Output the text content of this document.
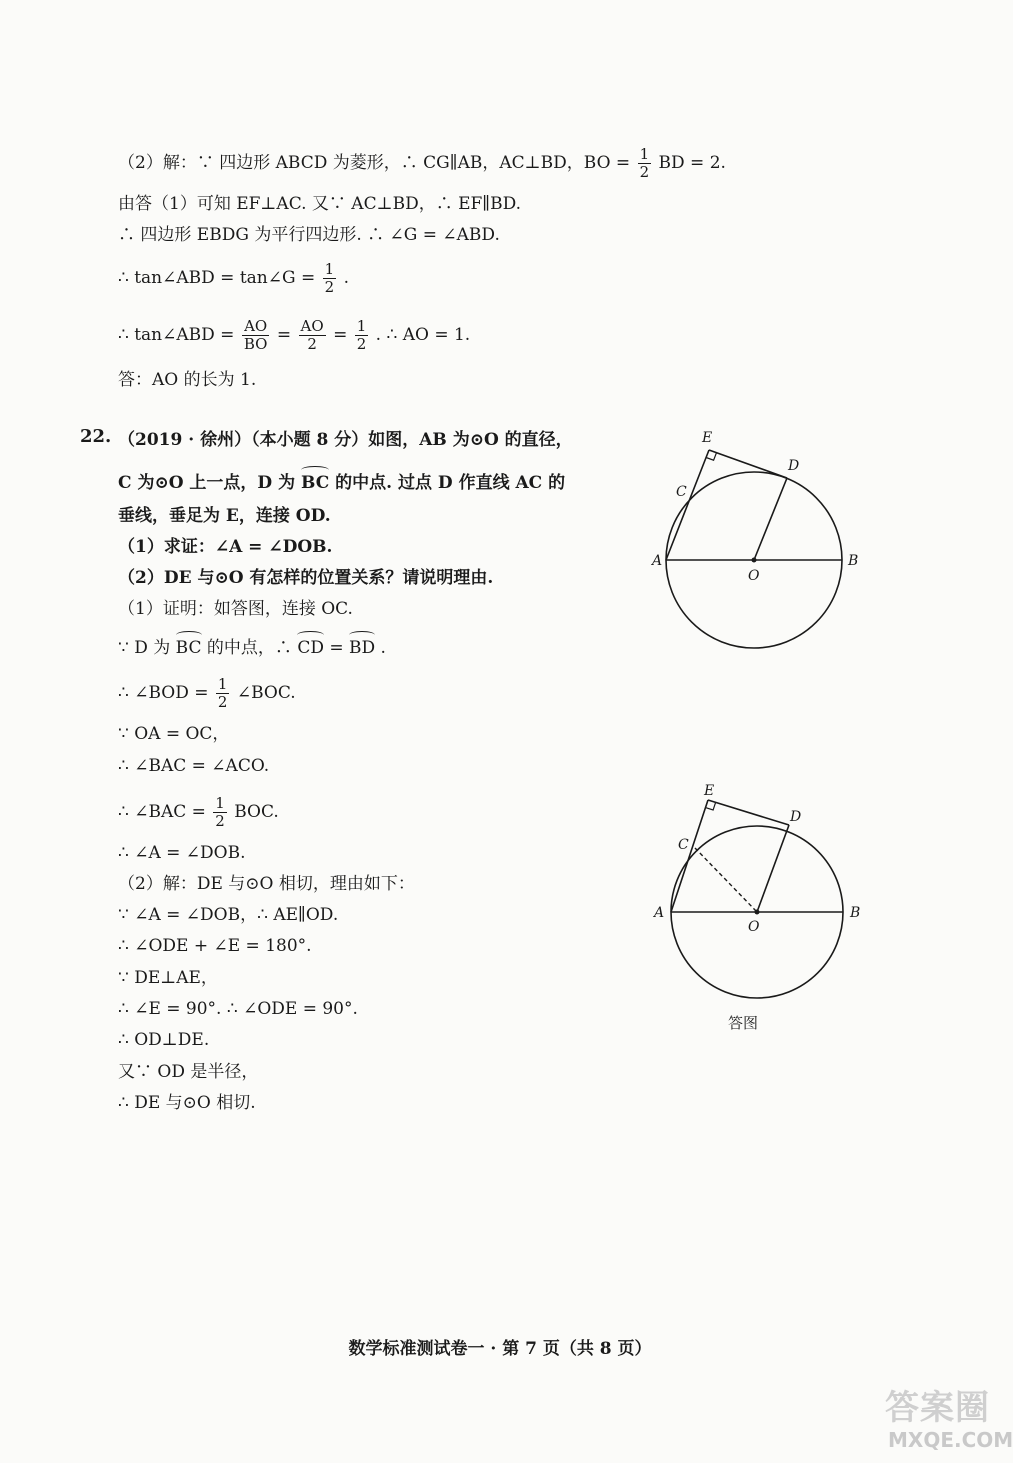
（2）解：∵ 四边形 ABCD 为菱形，∴ CG∥AB，AC⊥BD，BO = $\frac{1}{2}$ BD = 2.
由答（1）可知 EF⊥AC. 又∵ AC⊥BD，∴ EF∥BD.
∴ 四边形 EBDG 为平行四边形. ∴ ∠G = ∠ABD.
∴ tan∠ABD = tan∠G = $\frac{1}{2}$ .
∴ tan∠ABD = $\frac{AO}{BO} = \frac{AO}{2} = \frac{1}{2}$ . ∴ AO = 1.
答：AO 的长为 1.
22. （2019 · 徐州）（本小题 8 分）如图，AB 为⊙O 的直径，
C 为⊙O 上一点，D 为 BC 的中点. 过点 D 作直线 AC 的
垂线，垂足为 E，连接 OD.
（1）求证：∠A = ∠DOB.
（2）DE 与⊙O 有怎样的位置关系？请说明理由.
（1）证明：如答图，连接 OC.
∵ D 为 BC 的中点，∴ CD = BD .
∴ ∠BOD = $\frac{1}{2}$ ∠BOC.
∵ OA = OC，
∴ ∠BAC = ∠ACO.
∴ ∠BAC = $\frac{1}{2}$ BOC.
∴ ∠A = ∠DOB.
（2）解：DE 与⊙O 相切，理由如下：
∵ ∠A = ∠DOB，∴ AE∥OD.
∴ ∠ODE + ∠E = 180°.
∵ DE⊥AE，
∴ ∠E = 90°. ∴ ∠ODE = 90°.
∴ OD⊥DE.
又∵ OD 是半径，
∴ DE 与⊙O 相切.
E
D
C
A
O
B
E
D
C
A
O
B
答图
数学标准测试卷一 · 第 7 页（共 8 页）
答案圈
MXQE.COM
